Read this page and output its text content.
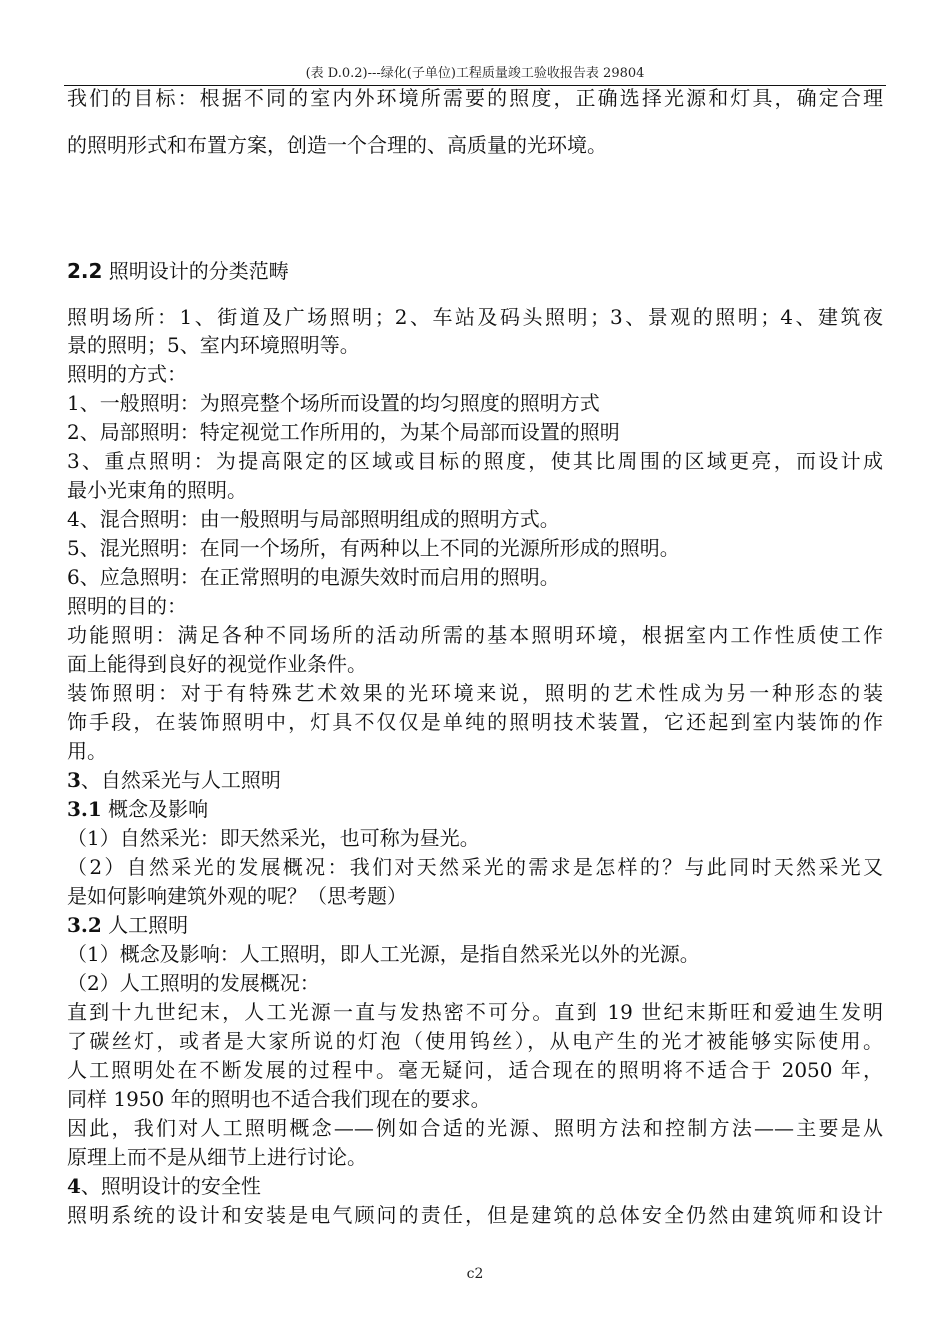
(表 D.0.2)---绿化(子单位)工程质量竣工验收报告表 29804
我们的目标：根据不同的室内外环境所需要的照度，正确选择光源和灯具，确定合理
的照明形式和布置方案，创造一个合理的、高质量的光环境。
2.2 照明设计的分类范畴
照明场所：1、街道及广场照明；2、车站及码头照明；3、景观的照明；4、建筑夜
景的照明；5、室内环境照明等。
照明的方式：
1、一般照明：为照亮整个场所而设置的均匀照度的照明方式
2、局部照明：特定视觉工作所用的，为某个局部而设置的照明
3、重点照明：为提高限定的区域或目标的照度，使其比周围的区域更亮，而设计成
最小光束角的照明。
4、混合照明：由一般照明与局部照明组成的照明方式。
5、混光照明：在同一个场所，有两种以上不同的光源所形成的照明。
6、应急照明：在正常照明的电源失效时而启用的照明。
照明的目的：
功能照明：满足各种不同场所的活动所需的基本照明环境，根据室内工作性质使工作
面上能得到良好的视觉作业条件。
装饰照明：对于有特殊艺术效果的光环境来说，照明的艺术性成为另一种形态的装
饰手段，在装饰照明中，灯具不仅仅是单纯的照明技术装置，它还起到室内装饰的作
用。
3、自然采光与人工照明
3.1 概念及影响
（1）自然采光：即天然采光，也可称为昼光。
（2）自然采光的发展概况：我们对天然采光的需求是怎样的？与此同时天然采光又
是如何影响建筑外观的呢？（思考题）
3.2 人工照明
（1）概念及影响：人工照明，即人工光源，是指自然采光以外的光源。
（2）人工照明的发展概况：
直到十九世纪末，人工光源一直与发热密不可分。直到 19 世纪末斯旺和爱迪生发明
了碳丝灯，或者是大家所说的灯泡（使用钨丝），从电产生的光才被能够实际使用。
人工照明处在不断发展的过程中。毫无疑问，适合现在的照明将不适合于 2050 年，
同样 1950 年的照明也不适合我们现在的要求。
因此，我们对人工照明概念——例如合适的光源、照明方法和控制方法——主要是从
原理上而不是从细节上进行讨论。
4、照明设计的安全性
照明系统的设计和安装是电气顾问的责任，但是建筑的总体安全仍然由建筑师和设计
c2
